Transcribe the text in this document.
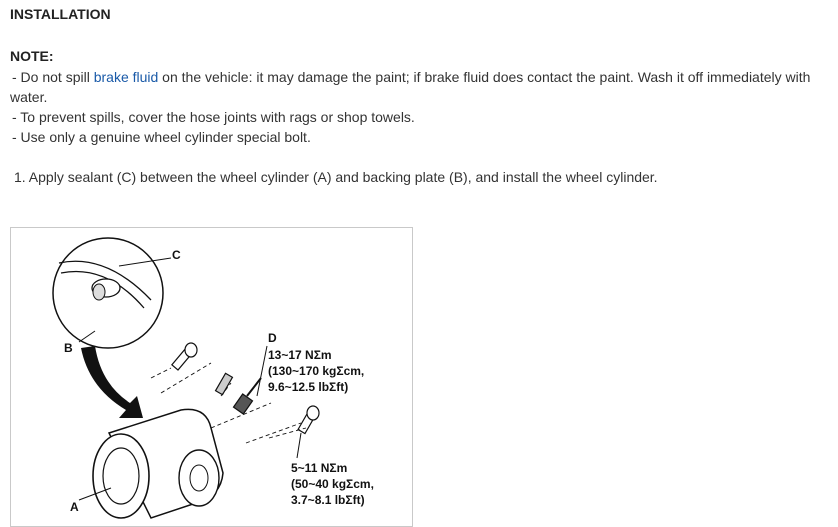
INSTALLATION
NOTE:
- Do not spill brake fluid on the vehicle: it may damage the paint; if brake fluid does contact the paint. Wash it off immediately with
water.
- To prevent spills, cover the hose joints with rags or shop towels.
- Use only a genuine wheel cylinder special bolt.
1. Apply sealant (C) between the wheel cylinder (A) and backing plate (B), and install the wheel cylinder.
C
B
A
D
13~17 NΣm
(130~170 kgΣcm,
9.6~12.5 lbΣft)
5~11 NΣm
(50~40 kgΣcm,
3.7~8.1 lbΣft)
